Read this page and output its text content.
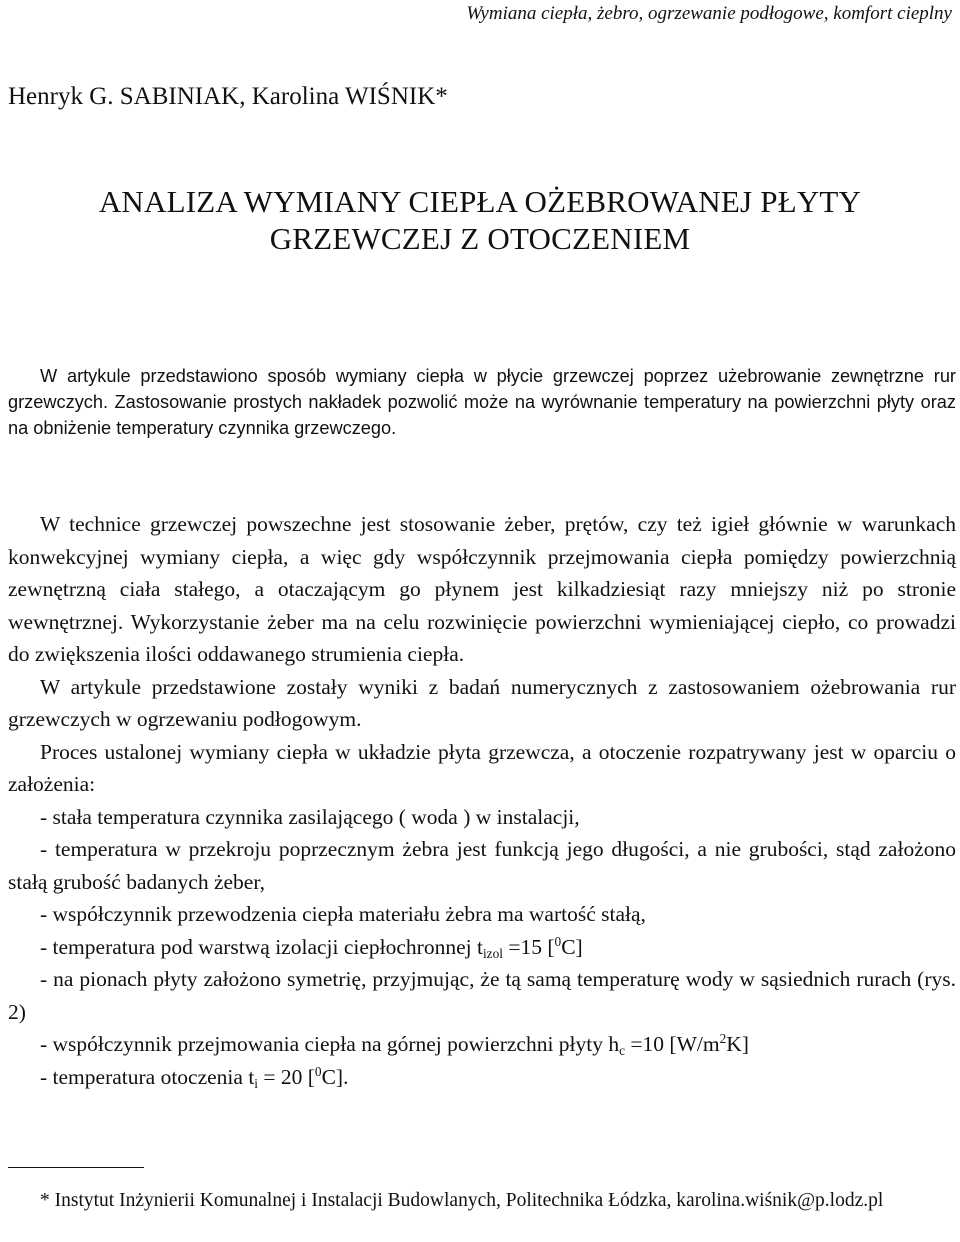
Wymiana ciepła, żebro, ogrzewanie podłogowe, komfort cieplny
Henryk G. SABINIAK, Karolina WIŚNIK*
ANALIZA WYMIANY CIEPŁA OŻEBROWANEJ PŁYTY
GRZEWCZEJ Z OTOCZENIEM
W artykule przedstawiono sposób wymiany ciepła w płycie grzewczej poprzez użebrowanie zewnętrzne rur grzewczych. Zastosowanie prostych nakładek pozwolić może na wyrównanie temperatury na powierzchni płyty oraz na obniżenie temperatury czynnika grzewczego.

W technice grzewczej powszechne jest stosowanie żeber, prętów, czy też igieł głównie w warunkach konwekcyjnej wymiany ciepła, a więc gdy współczynnik przejmowania ciepła pomiędzy powierzchnią zewnętrzną ciała stałego, a otaczającym go płynem jest kilkadziesiąt razy mniejszy niż po stronie wewnętrznej. Wykorzystanie żeber ma na celu rozwinięcie powierzchni wymieniającej ciepło, co prowadzi do zwiększenia ilości oddawanego strumienia ciepła.

W artykule przedstawione zostały wyniki z badań numerycznych z zastosowaniem ożebrowania rur grzewczych w ogrzewaniu podłogowym.

Proces ustalonej wymiany ciepła w układzie płyta grzewcza, a otoczenie rozpatrywany jest w oparciu o założenia:

- stała temperatura czynnika zasilającego ( woda ) w instalacji,

- temperatura w przekroju poprzecznym żebra jest funkcją jego długości, a nie grubości, stąd założono stałą grubość badanych żeber,

- współczynnik przewodzenia ciepła materiału żebra ma wartość stałą,

- temperatura pod warstwą izolacji ciepłochronnej $t_{izol} =15$ [$^0$C]

- na pionach płyty założono symetrię, przyjmując, że tą samą temperaturę wody w sąsiednich rurach (rys. 2)

- współczynnik przejmowania ciepła na górnej powierzchni płyty $h_c =10$ $[W/m^2K]$

- temperatura otoczenia $t_i = 20$ [$^0$C].

* Instytut Inżynierii Komunalnej i Instalacji Budowlanych, Politechnika Łódzka, karolina.wiśnik@p.lodz.pl
